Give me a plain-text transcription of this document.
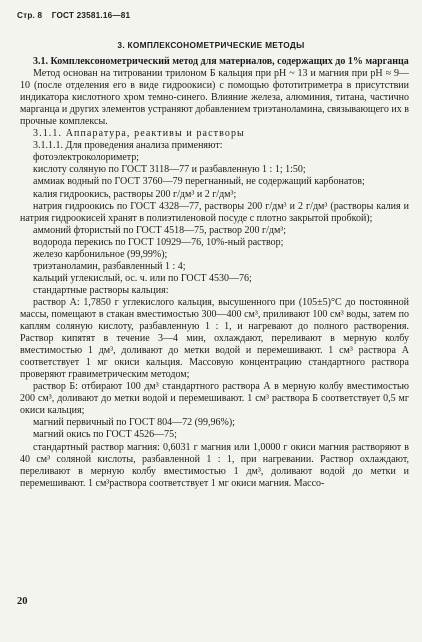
Стр. 8 ГОСТ 23581.16—81
3. КОМПЛЕКСОНОМЕТРИЧЕСКИЕ МЕТОДЫ

3.1. Комплексонометрический метод для материалов, содержащих до 1% марганца

Метод основан на титровании трилоном Б кальция при pH ~ 13 и магния при pH ≈ 9—10 (после отделения его в виде гидроокиси) с помощью фототитриметра в присутствии индикатора кислотного хром темно-синего. Влияние железа, алюминия, титана, частично марганца и других элементов устраняют добавлением триэтаноламина, связывающего их в прочные комплексы.

3.1.1. Аппаратура, реактивы и растворы

3.1.1.1. Для проведения анализа применяют:

фотоэлектроколориметр;

кислоту соляную по ГОСТ 3118—77 и разбавленную 1 : 1; 1:50;

аммиак водный по ГОСТ 3760—79 перегнанный, не содержащий карбонатов;

калия гидроокись, растворы 200 г/дм³ и 2 г/дм³;

натрия гидроокись по ГОСТ 4328—77, растворы 200 г/дм³ и 2 г/дм³ (растворы калия и натрия гидроокисей хранят в полиэтиленовой посуде с плотно закрытой пробкой);

аммоний фтористый по ГОСТ 4518—75, раствор 200 г/дм³;

водорода перекись по ГОСТ 10929—76, 10%-ный раствор;

железо карбонильное (99,99%);

триэтаноламин, разбавленный 1 : 4;

кальций углекислый, ос. ч. или по ГОСТ 4530—76;

стандартные растворы кальция:

раствор А: 1,7850 г углекислого кальция, высушенного при (105±5)°C до постоянной массы, помещают в стакан вместимостью 300—400 см³, приливают 100 см³ воды, затем по каплям соляную кислоту, разбавленную 1 : 1, и нагревают до полного растворения. Раствор кипятят в течение 3—4 мин, охлаждают, переливают в мерную колбу вместимостью 1 дм³, доливают до метки водой и перемешивают. 1 см³ раствора А соответствует 1 мг окиси кальция. Массовую концентрацию стандартного раствора проверяют гравиметрическим методом;

раствор Б: отбирают 100 дм³ стандартного раствора А в мерную колбу вместимостью 200 см³, доливают до метки водой и перемешивают. 1 см³ раствора Б соответствует 0,5 мг окиси кальция;

магний первичный по ГОСТ 804—72 (99,96%);

магний окись по ГОСТ 4526—75;

стандартный раствор магния: 0,6031 г магния или 1,0000 г окиси магния растворяют в 40 см³ соляной кислоты, разбавленной 1 : 1, при нагревании. Раствор охлаждают, переливают в мерную колбу вместимостью 1 дм³, доливают водой до метки и перемешивают. 1 см³раствора соответствует 1 мг окиси магния. Массо-

20
